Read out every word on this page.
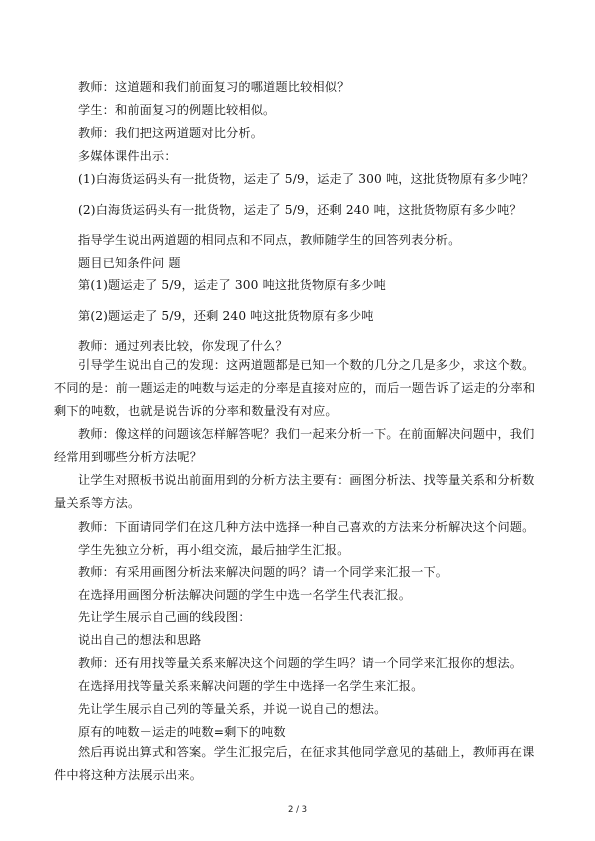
教师：这道题和我们前面复习的哪道题比较相似？
学生：和前面复习的例题比较相似。
教师：我们把这两道题对比分析。
多媒体课件出示：
(1)白海货运码头有一批货物，运走了 5/9，运走了 300 吨，这批货物原有多少吨？
(2)白海货运码头有一批货物，运走了 5/9，还剩 240 吨，这批货物原有多少吨？
指导学生说出两道题的相同点和不同点，教师随学生的回答列表分析。
题目已知条件问 题
第(1)题运走了 5/9，运走了 300 吨这批货物原有多少吨
第(2)题运走了 5/9，还剩 240 吨这批货物原有多少吨
教师：通过列表比较，你发现了什么？
引导学生说出自己的发现：这两道题都是已知一个数的几分之几是多少，求这个数。不同的是：前一题运走的吨数与运走的分率是直接对应的，而后一题告诉了运走的分率和剩下的吨数，也就是说告诉的分率和数量没有对应。
教师：像这样的问题该怎样解答呢？我们一起来分析一下。在前面解决问题中，我们经常用到哪些分析方法呢？
让学生对照板书说出前面用到的分析方法主要有：画图分析法、找等量关系和分析数量关系等方法。
教师：下面请同学们在这几种方法中选择一种自己喜欢的方法来分析解决这个问题。
学生先独立分析，再小组交流，最后抽学生汇报。
教师：有采用画图分析法来解决问题的吗？请一个同学来汇报一下。
在选择用画图分析法解决问题的学生中选一名学生代表汇报。
先让学生展示自己画的线段图：
说出自己的想法和思路
教师：还有用找等量关系来解决这个问题的学生吗？请一个同学来汇报你的想法。
在选择用找等量关系来解决问题的学生中选择一名学生来汇报。
先让学生展示自己列的等量关系，并说一说自己的想法。
原有的吨数－运走的吨数=剩下的吨数
然后再说出算式和答案。学生汇报完后，在征求其他同学意见的基础上，教师再在课件中将这种方法展示出来。
2 / 3
